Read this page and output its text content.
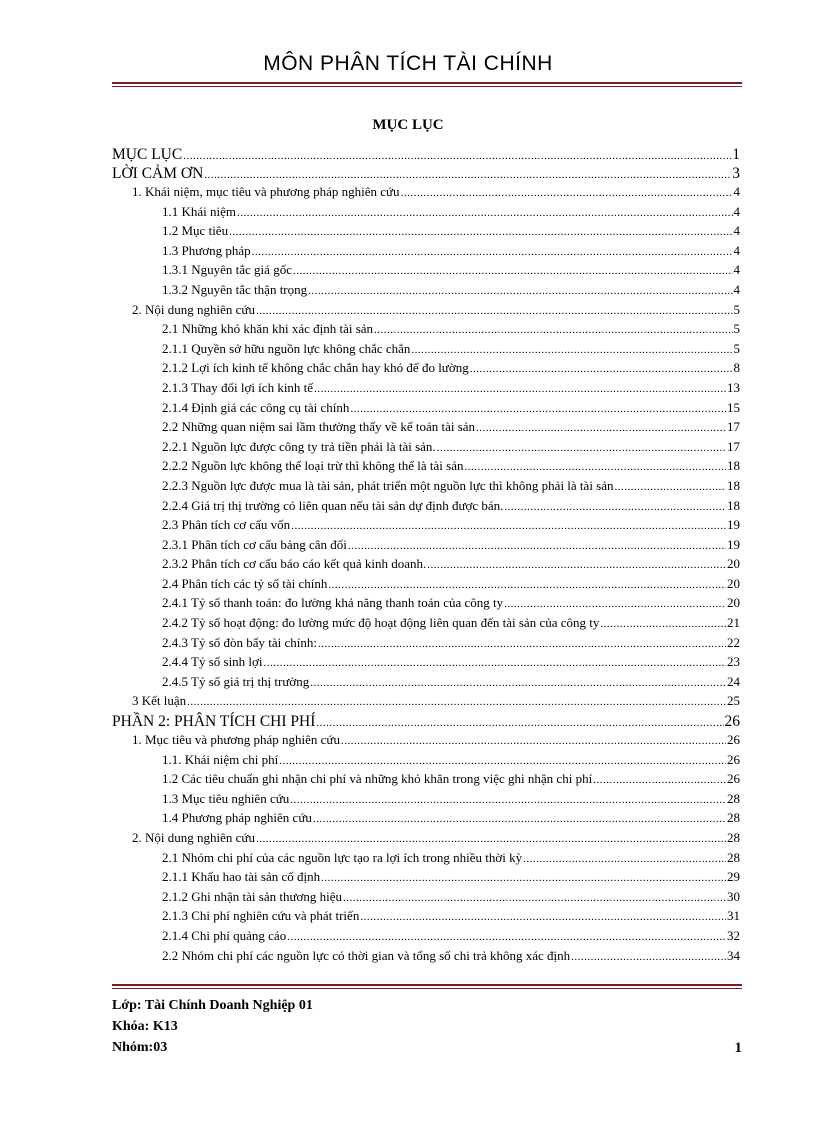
MÔN PHÂN TÍCH TÀI CHÍNH
MỤC LỤC
MỤC LỤC .....	1
LỜI CẢM ƠN .....	3
1. Khái niệm, mục tiêu và phương pháp nghiên cứu .....	4
1.1 Khái niệm .....	4
1.2 Mục tiêu .....	4
1.3 Phương pháp .....	4
1.3.1 Nguyên tắc giá gốc .....	4
1.3.2 Nguyên tắc thận trọng .....	4
2. Nội dung nghiên cứu .....	5
2.1 Những khó khăn khi xác định tài sản .....	5
2.1.1 Quyền sở hữu nguồn lực không chắc chắn .....	5
2.1.2 Lợi ích kinh tế không chắc chắn hay khó để đo lường .....	8
2.1.3 Thay đổi lợi ích kinh tế .....	13
2.1.4 Định giá các công cụ tài chính .....	15
2.2 Những quan niệm sai lầm thường thấy về kế toán tài sản .....	17
2.2.1 Nguồn lực được công ty trả tiền phải là tài sản. .....	17
2.2.2 Nguồn lực không thể loại trừ thì không thể là tài sản .....	18
2.2.3 Nguồn lực được mua là tài sản, phát triển một nguồn lực thì không phải là tài sản .....	18
2.2.4 Giá trị thị trường có liên quan nếu tài sản dự định được bán. .....	18
2.3 Phân tích cơ cấu vốn .....	19
2.3.1 Phân tích cơ cấu bảng cân đối .....	19
2.3.2 Phân tích cơ cấu báo cáo kết quả kinh doanh. .....	20
2.4 Phân tích các tỷ số tài chính .....	20
2.4.1 Tỷ số thanh toán: đo lường khả năng thanh toán của công ty .....	20
2.4.2 Tỷ số hoạt động: đo lường mức độ hoạt động liên quan đến tài sản của công ty .....	21
2.4.3 Tỷ số đòn bẩy tài chính: .....	22
2.4.4 Tỷ số sinh lợi .....	23
2.4.5 Tỷ số giá trị thị trường .....	24
3 Kết luận .....	25
PHẦN 2: PHÂN TÍCH CHI PHÍ .....	26
1. Mục tiêu và phương pháp nghiên cứu .....	26
1.1. Khái niệm chi phí .....	26
1.2 Các tiêu chuẩn ghi nhận chi phí và những khó khăn trong việc ghi nhận chi phí .....	26
1.3 Mục tiêu nghiên cứu .....	28
1.4 Phương pháp nghiên cứu .....	28
2. Nội dung nghiên cứu .....	28
2.1 Nhóm chi phí của các nguồn lực tạo ra lợi ích trong nhiều thời kỳ .....	28
2.1.1 Khấu hao tài sản cố định .....	29
2.1.2 Ghi nhận tài sản thương hiệu .....	30
2.1.3 Chi phí nghiên cứu và phát triển .....	31
2.1.4 Chi phí quảng cáo .....	32
2.2 Nhóm chi phí các nguồn lực có thời gian và tổng số chi trả không xác định .....	34
Lớp: Tài Chính Doanh Nghiệp 01
Khóa: K13
Nhóm:03	1
